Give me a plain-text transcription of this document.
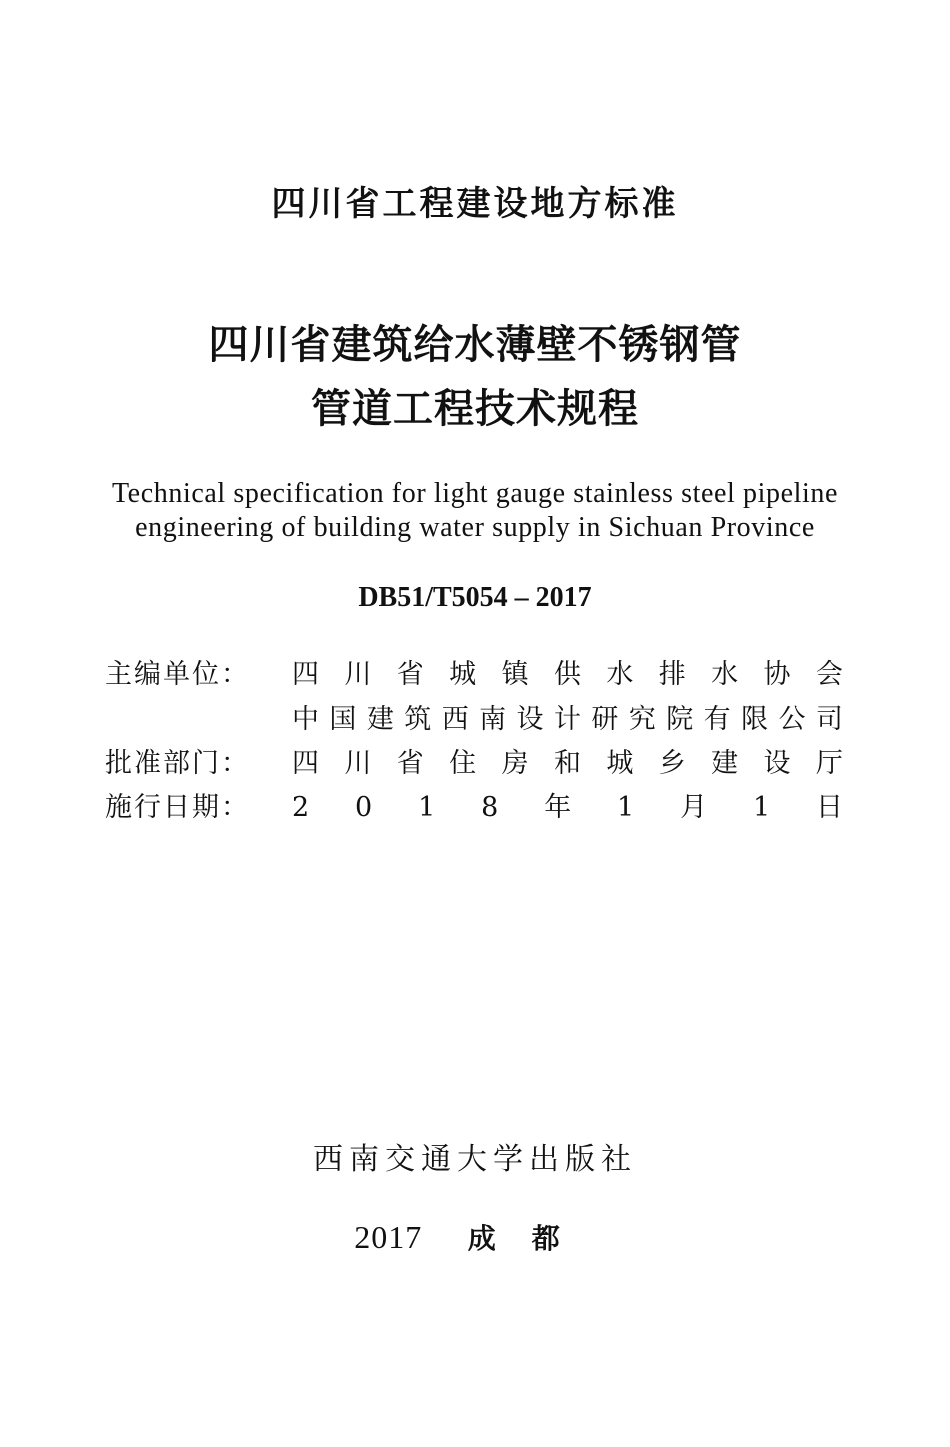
四川省工程建设地方标准
四川省建筑给水薄壁不锈钢管
管道工程技术规程
Technical specification for light gauge stainless steel pipeline
engineering of building water supply in Sichuan Province
DB51/T5054 – 2017
主编单位：	四 川 省 城 镇 供 水 排 水 协 会
中 国 建 筑 西 南 设 计 研 究 院 有 限 公 司
批准部门：	四 川 省 住 房 和 城 乡 建 设 厅
施行日期：	2 0 1 8 年 1 月 1 日
西南交通大学出版社
2017 成都
